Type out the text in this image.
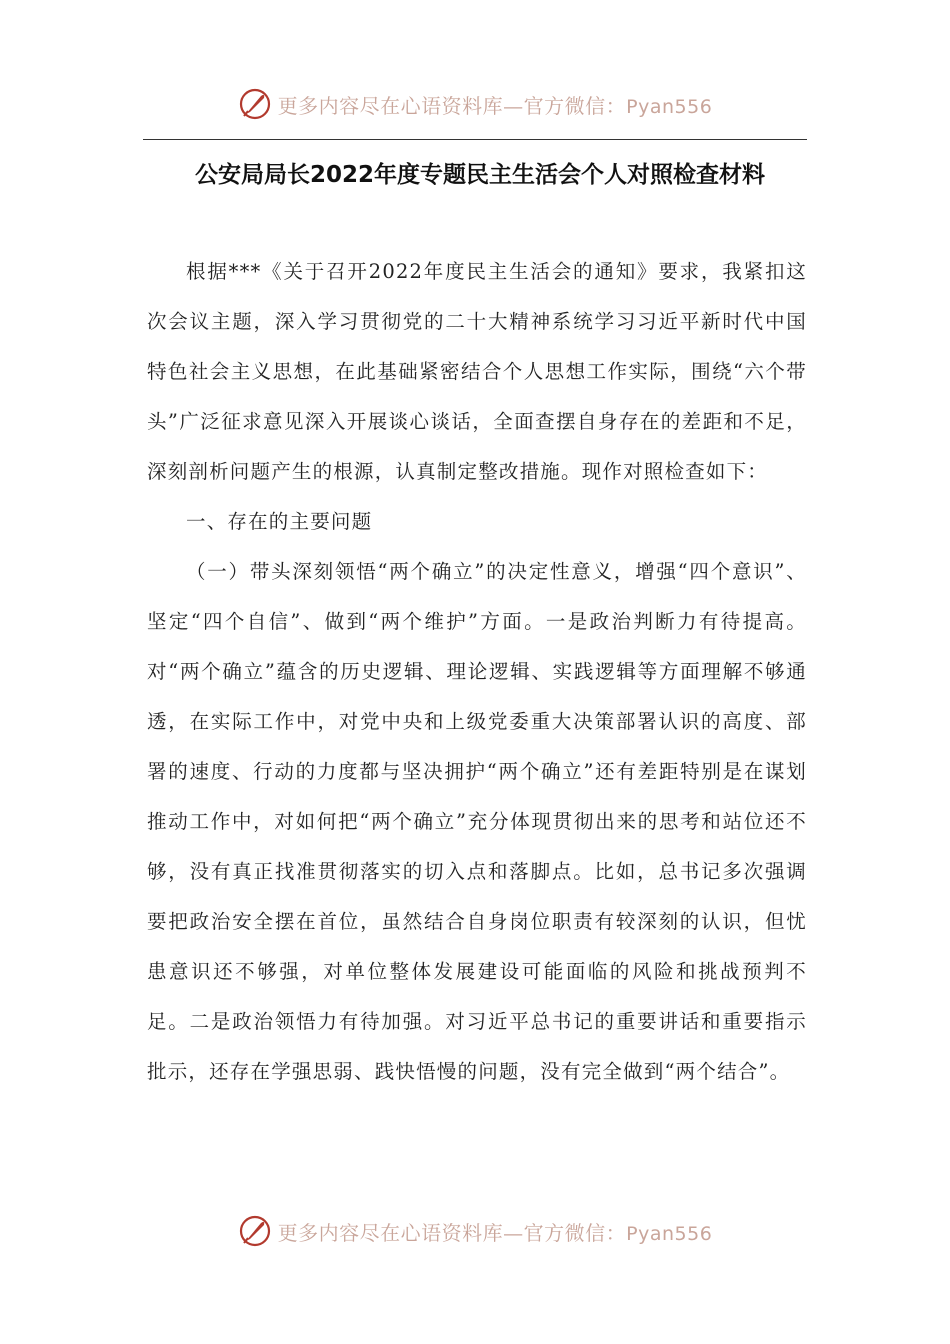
更多内容尽在心语资料库—官方微信：Pyan556
公安局局长2022年度专题民主生活会个人对照检查材料

根据***《关于召开2022年度民主生活会的通知》要求，我紧扣这次会议主题，深入学习贯彻党的二十大精神系统学习习近平新时代中国特色社会主义思想，在此基础紧密结合个人思想工作实际，围绕“六个带头”广泛征求意见深入开展谈心谈话，全面查摆自身存在的差距和不足，深刻剖析问题产生的根源，认真制定整改措施。现作对照检查如下：

一、存在的主要问题

（一）带头深刻领悟“两个确立”的决定性意义，增强“四个意识”、坚定“四个自信”、做到“两个维护”方面。一是政治判断力有待提高。对“两个确立”蕴含的历史逻辑、理论逻辑、实践逻辑等方面理解不够通透，在实际工作中，对党中央和上级党委重大决策部署认识的高度、部署的速度、行动的力度都与坚决拥护“两个确立”还有差距特别是在谋划推动工作中，对如何把“两个确立”充分体现贯彻出来的思考和站位还不够，没有真正找准贯彻落实的切入点和落脚点。比如，总书记多次强调要把政治安全摆在首位，虽然结合自身岗位职责有较深刻的认识，但忧患意识还不够强，对单位整体发展建设可能面临的风险和挑战预判不足。二是政治领悟力有待加强。对习近平总书记的重要讲话和重要指示批示，还存在学强思弱、践快悟慢的问题，没有完全做到“两个结合”。

更多内容尽在心语资料库—官方微信：Pyan556
